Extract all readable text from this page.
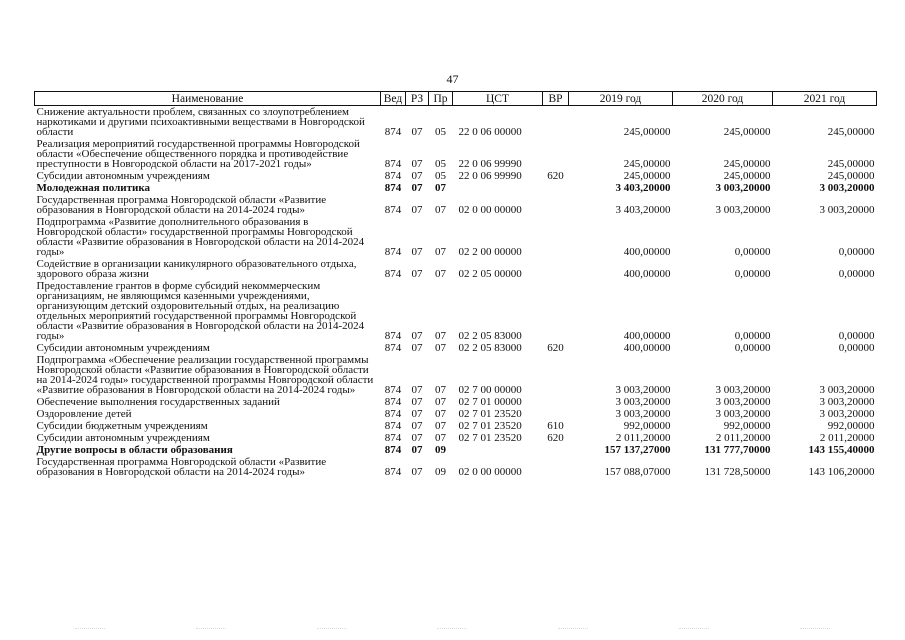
47
Наименование	Вед	РЗ	Пр	ЦСТ	ВР	2019 год	2020 год	2021 год
Снижение актуальности проблем, связанных со злоупотреблением наркотиками и другими психоактивными веществами в Новгородской области	874	07	05	22 0 06 00000		245,00000	245,00000	245,00000
Реализация мероприятий государственной программы Новгородской области «Обеспечение общественного порядка и противодействие преступности в Новгородской области на 2017-2021 годы»	874	07	05	22 0 06 99990		245,00000	245,00000	245,00000
Субсидии автономным учреждениям	874	07	05	22 0 06 99990	620	245,00000	245,00000	245,00000
Молодежная политика	874	07	07			3 403,20000	3 003,20000	3 003,20000
Государственная программа Новгородской области «Развитие образования в Новгородской области на 2014-2024 годы»	874	07	07	02 0 00 00000		3 403,20000	3 003,20000	3 003,20000
Подпрограмма «Развитие дополнительного образования в Новгородской области» государственной программы Новгородской области «Развитие образования в Новгородской области на 2014-2024 годы»	874	07	07	02 2 00 00000		400,00000	0,00000	0,00000
Содействие в организации каникулярного образовательного отдыха, здорового образа жизни	874	07	07	02 2 05 00000		400,00000	0,00000	0,00000
Предоставление грантов в форме субсидий некоммерческим организациям, не являющимся казенными учреждениями, организующим детский оздоровительный отдых, на реализацию отдельных мероприятий государственной программы Новгородской области «Развитие образования в Новгородской области на 2014-2024 годы»	874	07	07	02 2 05 83000		400,00000	0,00000	0,00000
Субсидии автономным учреждениям	874	07	07	02 2 05 83000	620	400,00000	0,00000	0,00000
Подпрограмма «Обеспечение реализации государственной программы Новгородской области «Развитие образования в Новгородской области на 2014-2024 годы» государственной программы Новгородской области «Развитие образования в Новгородской области на 2014-2024 годы»	874	07	07	02 7 00 00000		3 003,20000	3 003,20000	3 003,20000
Обеспечение выполнения государственных заданий	874	07	07	02 7 01 00000		3 003,20000	3 003,20000	3 003,20000
Оздоровление детей	874	07	07	02 7 01 23520		3 003,20000	3 003,20000	3 003,20000
Субсидии бюджетным учреждениям	874	07	07	02 7 01 23520	610	992,00000	992,00000	992,00000
Субсидии автономным учреждениям	874	07	07	02 7 01 23520	620	2 011,20000	2 011,20000	2 011,20000
Другие вопросы в области образования	874	07	09			157 137,27000	131 777,70000	143 155,40000
Государственная программа Новгородской области «Развитие образования в Новгородской области на 2014-2024 годы»	874	07	09	02 0 00 00000		157 088,07000	131 728,50000	143 106,20000
